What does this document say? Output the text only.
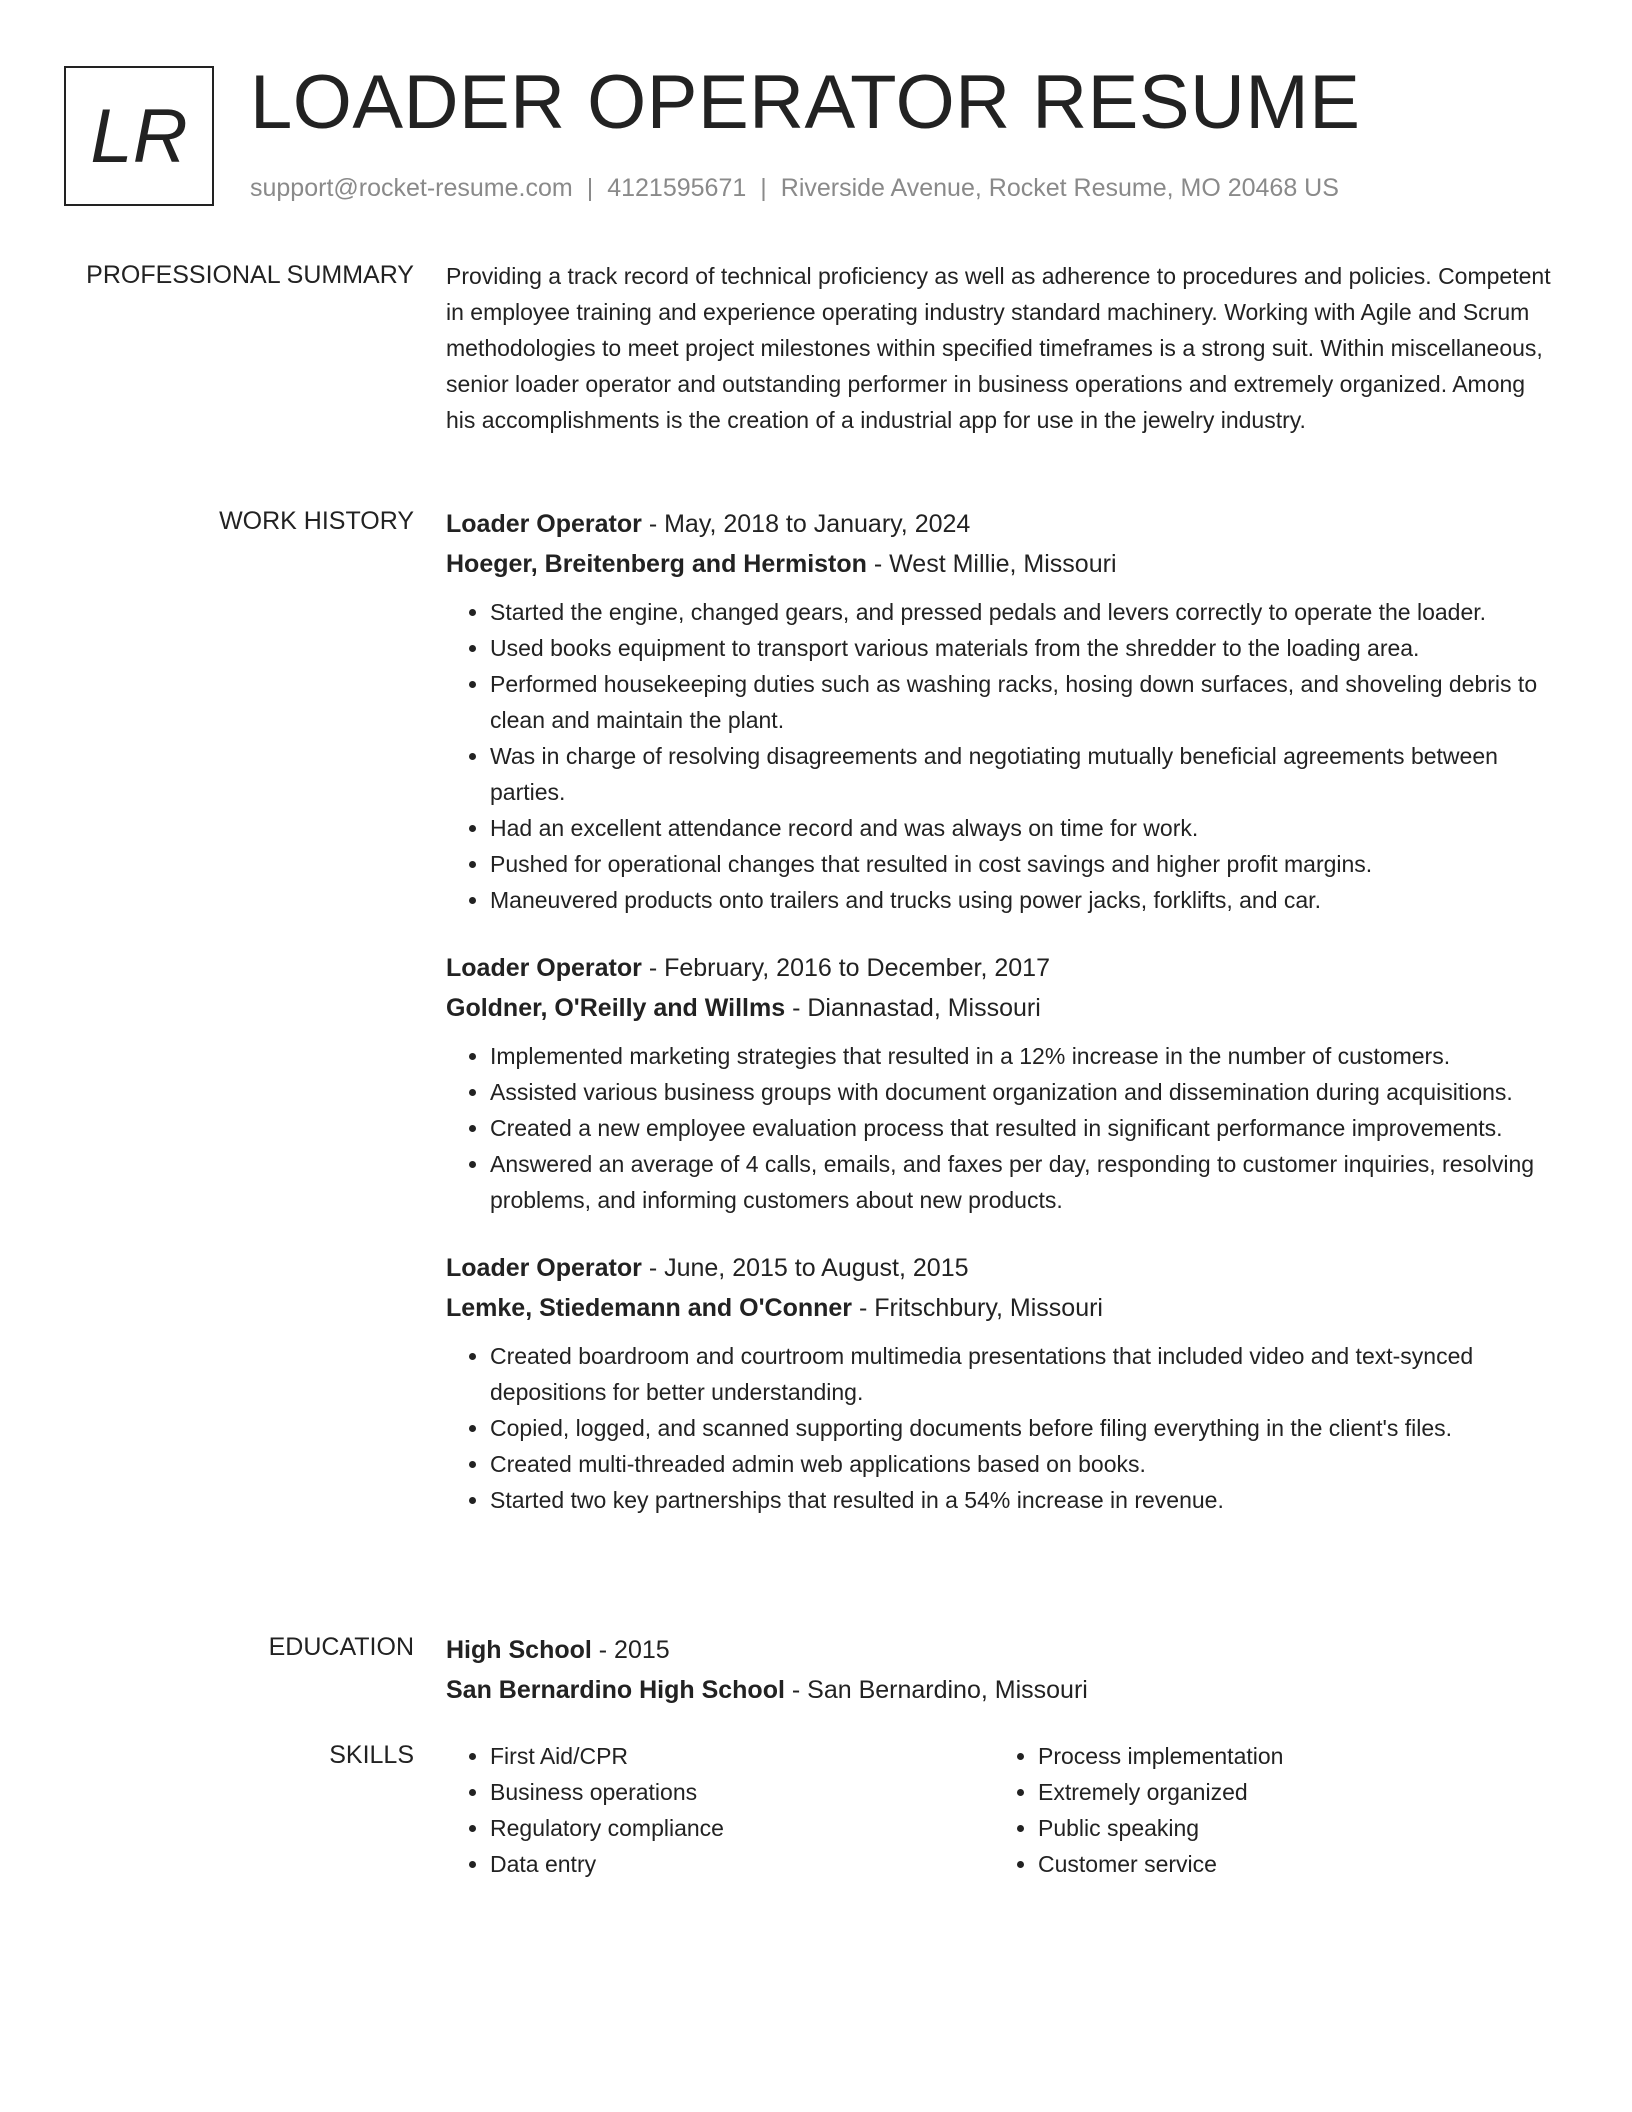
LR LOADER OPERATOR RESUME
support@rocket-resume.com | 4121595671 | Riverside Avenue, Rocket Resume, MO 20468 US
PROFESSIONAL SUMMARY Providing a track record of technical proficiency as well as adherence to procedures and policies. Competent in employee training and experience operating industry standard machinery. Working with Agile and Scrum methodologies to meet project milestones within specified timeframes is a strong suit. Within miscellaneous, senior loader operator and outstanding performer in business operations and extremely organized. Among his accomplishments is the creation of a industrial app for use in the jewelry industry.

WORK HISTORY Loader Operator - May, 2018 to January, 2024
Hoeger, Breitenberg and Hermiston - West Millie, Missouri
• Started the engine, changed gears, and pressed pedals and levers correctly to operate the loader.
• Used books equipment to transport various materials from the shredder to the loading area.
• Performed housekeeping duties such as washing racks, hosing down surfaces, and shoveling debris to clean and maintain the plant.
• Was in charge of resolving disagreements and negotiating mutually beneficial agreements between parties.
• Had an excellent attendance record and was always on time for work.
• Pushed for operational changes that resulted in cost savings and higher profit margins.
• Maneuvered products onto trailers and trucks using power jacks, forklifts, and car.
Loader Operator - February, 2016 to December, 2017
Goldner, O'Reilly and Willms - Diannastad, Missouri
• Implemented marketing strategies that resulted in a 12% increase in the number of customers.
• Assisted various business groups with document organization and dissemination during acquisitions.
• Created a new employee evaluation process that resulted in significant performance improvements.
• Answered an average of 4 calls, emails, and faxes per day, responding to customer inquiries, resolving problems, and informing customers about new products.
Loader Operator - June, 2015 to August, 2015
Lemke, Stiedemann and O'Conner - Fritschbury, Missouri
• Created boardroom and courtroom multimedia presentations that included video and text-synced depositions for better understanding.
• Copied, logged, and scanned supporting documents before filing everything in the client's files.
• Created multi-threaded admin web applications based on books.
• Started two key partnerships that resulted in a 54% increase in revenue.
EDUCATION High School - 2015
San Bernardino High School - San Bernardino, Missouri
SKILLS
•	First Aid/CPR
• Business operations
• Regulatory compliance
• Data entry
• Process implementation
• Extremely organized
• Public speaking
• Customer service
